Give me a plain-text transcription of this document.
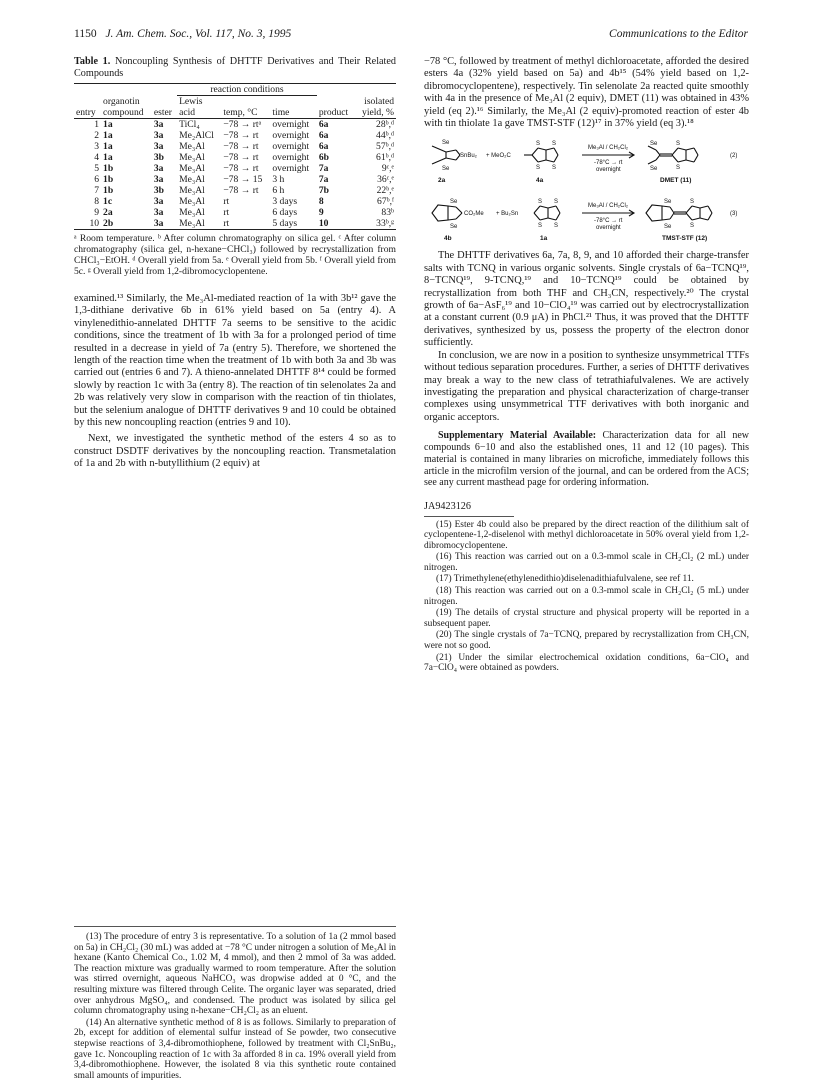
1150 J. Am. Chem. Soc., Vol. 117, No. 3, 1995	Communications to the Editor
Table 1. Noncoupling Synthesis of DHTTF Derivatives and Their Related Compounds
			reaction conditions				
	organotin		Lewis				isolated
entry	compound	ester	acid	temp, °C	time	product	yield, %
1	1a	3a	TiCl₄	−78 → rtᵃ	overnight	6a	28ᵇ,ᵈ
2	1a	3a	Me₂AlCl	−78 → rt	overnight	6a	44ᵇ,ᵈ
3	1a	3a	Me₃Al	−78 → rt	overnight	6a	57ᵇ,ᵈ
4	1a	3b	Me₃Al	−78 → rt	overnight	6b	61ᵇ,ᵈ
5	1b	3a	Me₃Al	−78 → rt	overnight	7a	9ᶜ,ᵉ
6	1b	3a	Me₃Al	−78 → 15	3 h	7a	36ᶜ,ᵉ
7	1b	3b	Me₃Al	−78 → rt	6 h	7b	22ᵇ,ᵉ
8	1c	3a	Me₃Al	rt	3 days	8	67ᵇ,ᶠ
9	2a	3a	Me₃Al	rt	6 days	9	83ᵇ
10	2b	3a	Me₃Al	rt	5 days	10	33ᵇ,ᵍ
ᵃ Room temperature. ᵇ After column chromatography on silica gel. ᶜ After column chromatography (silica gel, n-hexane−CHCl₃) followed by recrystallization from CHCl₃−EtOH. ᵈ Overall yield from 5a. ᵉ Overall yield from 5b. ᶠ Overall yield from 5c. ᵍ Overall yield from 1,2-dibromocyclopentene.

examined.¹³ Similarly, the Me₃Al-mediated reaction of 1a with 3b¹² gave the 1,3-dithiane derivative 6b in 61% yield based on 5a (entry 4). A vinylenedithio-annelated DHTTF 7a seems to be sensitive to the acidic conditions, since the treatment of 1b with 3a for a prolonged period of time resulted in a decrease in yield of 7a (entry 5). Therefore, we shortened the length of the reaction time when the treatment of 1b with both 3a and 3b was carried out (entries 6 and 7). A thieno-annelated DHTTF 8¹⁴ could be formed slowly by reaction 1c with 3a (entry 8). The reaction of tin selenolates 2a and 2b was relatively very slow in comparison with the reaction of tin thiolates, but the selenium analogue of DHTTF derivatives 9 and 10 could be obtained by this new noncoupling reaction (entries 9 and 10).

Next, we investigated the synthetic method of the esters 4 so as to construct DSDTF derivatives by the noncoupling reaction. Transmetalation of 1a and 2b with n-butyllithium (2 equiv) at

(13) The procedure of entry 3 is representative. To a solution of 1a (2 mmol based on 5a) in CH₂Cl₂ (30 mL) was added at −78 °C under nitrogen a solution of Me₃Al in hexane (Kanto Chemical Co., 1.02 M, 4 mmol), and then 2 mmol of 3a was added. The reaction mixture was gradually warmed to room temperature. After the solution was stirred overnight, aqueous NaHCO₃ was dropwise added at 0 °C, and the resulting mixture was filtered through Celite. The organic layer was separated, dried over anhydrous MgSO₄, and condensed. The product was isolated by silica gel column chromatography using n-hexane−CH₂Cl₂ as an eluent.

(14) An alternative synthetic method of 8 is as follows. Similarly to preparation of 2b, except for addition of elemental sulfur instead of Se powder, two consecutive stepwise reactions of 3,4-dibromothiophene, followed by treatment with Cl₂SnBu₂, gave 1c. Noncoupling reaction of 1c with 3a afforded 8 in ca. 19% overall yield from 3,4-dibromothiophene. However, the isolated 8 via this synthetic route contained small amounts of impurities.

−78 °C, followed by treatment of methyl dichloroacetate, afforded the desired esters 4a (32% yield based on 5a) and 4b¹⁵ (54% yield based on 1,2-dibromocyclopentene), respectively. Tin selenolate 2a reacted quite smoothly with 4a in the presence of Me₃Al (2 equiv), DMET (11) was obtained in 43% yield (eq 2).¹⁶ Similarly, the Me₃Al (2 equiv)-promoted reaction of ester 4b with tin thiolate 1a gave TMST-STF (12)¹⁷ in 37% yield (eq 3).¹⁸

Se
Se
SnBu₂ + MeO₂C
S
S
S
S
Me₃Al / CH₂Cl₂
-78°C → rt
overnight
Se
Se
S
S
2a	4a	DMET (11)
(2)
Se
Se
CO₂Me + Bu₂Sn
S
S
S
S
Me₃Al / CH₂Cl₂
-78°C → rt
overnight
Se
Se
S
S
4b	1a	TMST-STF (12)
(3)

The DHTTF derivatives 6a, 7a, 8, 9, and 10 afforded their charge-transfer salts with TCNQ in various organic solvents. Single crystals of 6a−TCNQ¹⁹, 8−TCNQ¹⁹, 9-TCNQ,¹⁹ and 10−TCNQ¹⁹ could be obtained by recrystallization from both THF and CH₃CN, respectively.²⁰ The crystal growth of 6a−AsF₆¹⁹ and 10−ClO₄¹⁹ was carried out by electrocrystallization at a constant current (0.9 μA) in PhCl.²¹ Thus, it was proved that the DHTTF derivatives, synthesized by us, possess the property of the electron donor sufficiently.

In conclusion, we are now in a position to synthesize unsymmetrical TTFs without tedious separation procedures. Further, a series of DHTTF derivatives may break a way to the new class of tetrathiafulvalenes. We are actively investigating the preparation and physical characterization of charge-transer complexes using unsymmetrical TTF derivatives with both inorganic and organic acceptors.

Supplementary Material Available: Characterization data for all new compounds 6−10 and also the established ones, 11 and 12 (10 pages). This material is contained in many libraries on microfiche, immediately follows this article in the microfilm version of the journal, and can be ordered from the ACS; see any current masthead page for ordering information.

JA9423126

(15) Ester 4b could also be prepared by the direct reaction of the dilithium salt of cyclopentene-1,2-diselenol with methyl dichloroacetate in 50% overal yield from 1,2-dibromocyclopentene.

(16) This reaction was carried out on a 0.3-mmol scale in CH₂Cl₂ (2 mL) under nitrogen.

(17) Trimethylene(ethylenedithio)diselenadithiafulvalene, see ref 11.

(18) This reaction was carried out on a 0.3-mmol scale in CH₂Cl₂ (5 mL) under nitrogen.

(19) The details of crystal structure and physical property will be reported in a subsequent paper.

(20) The single crystals of 7a−TCNQ, prepared by recrystallization from CH₃CN, were not so good.

(21) Under the similar electrochemical oxidation conditions, 6a−ClO₄ and 7a−ClO₄ were obtained as powders.
